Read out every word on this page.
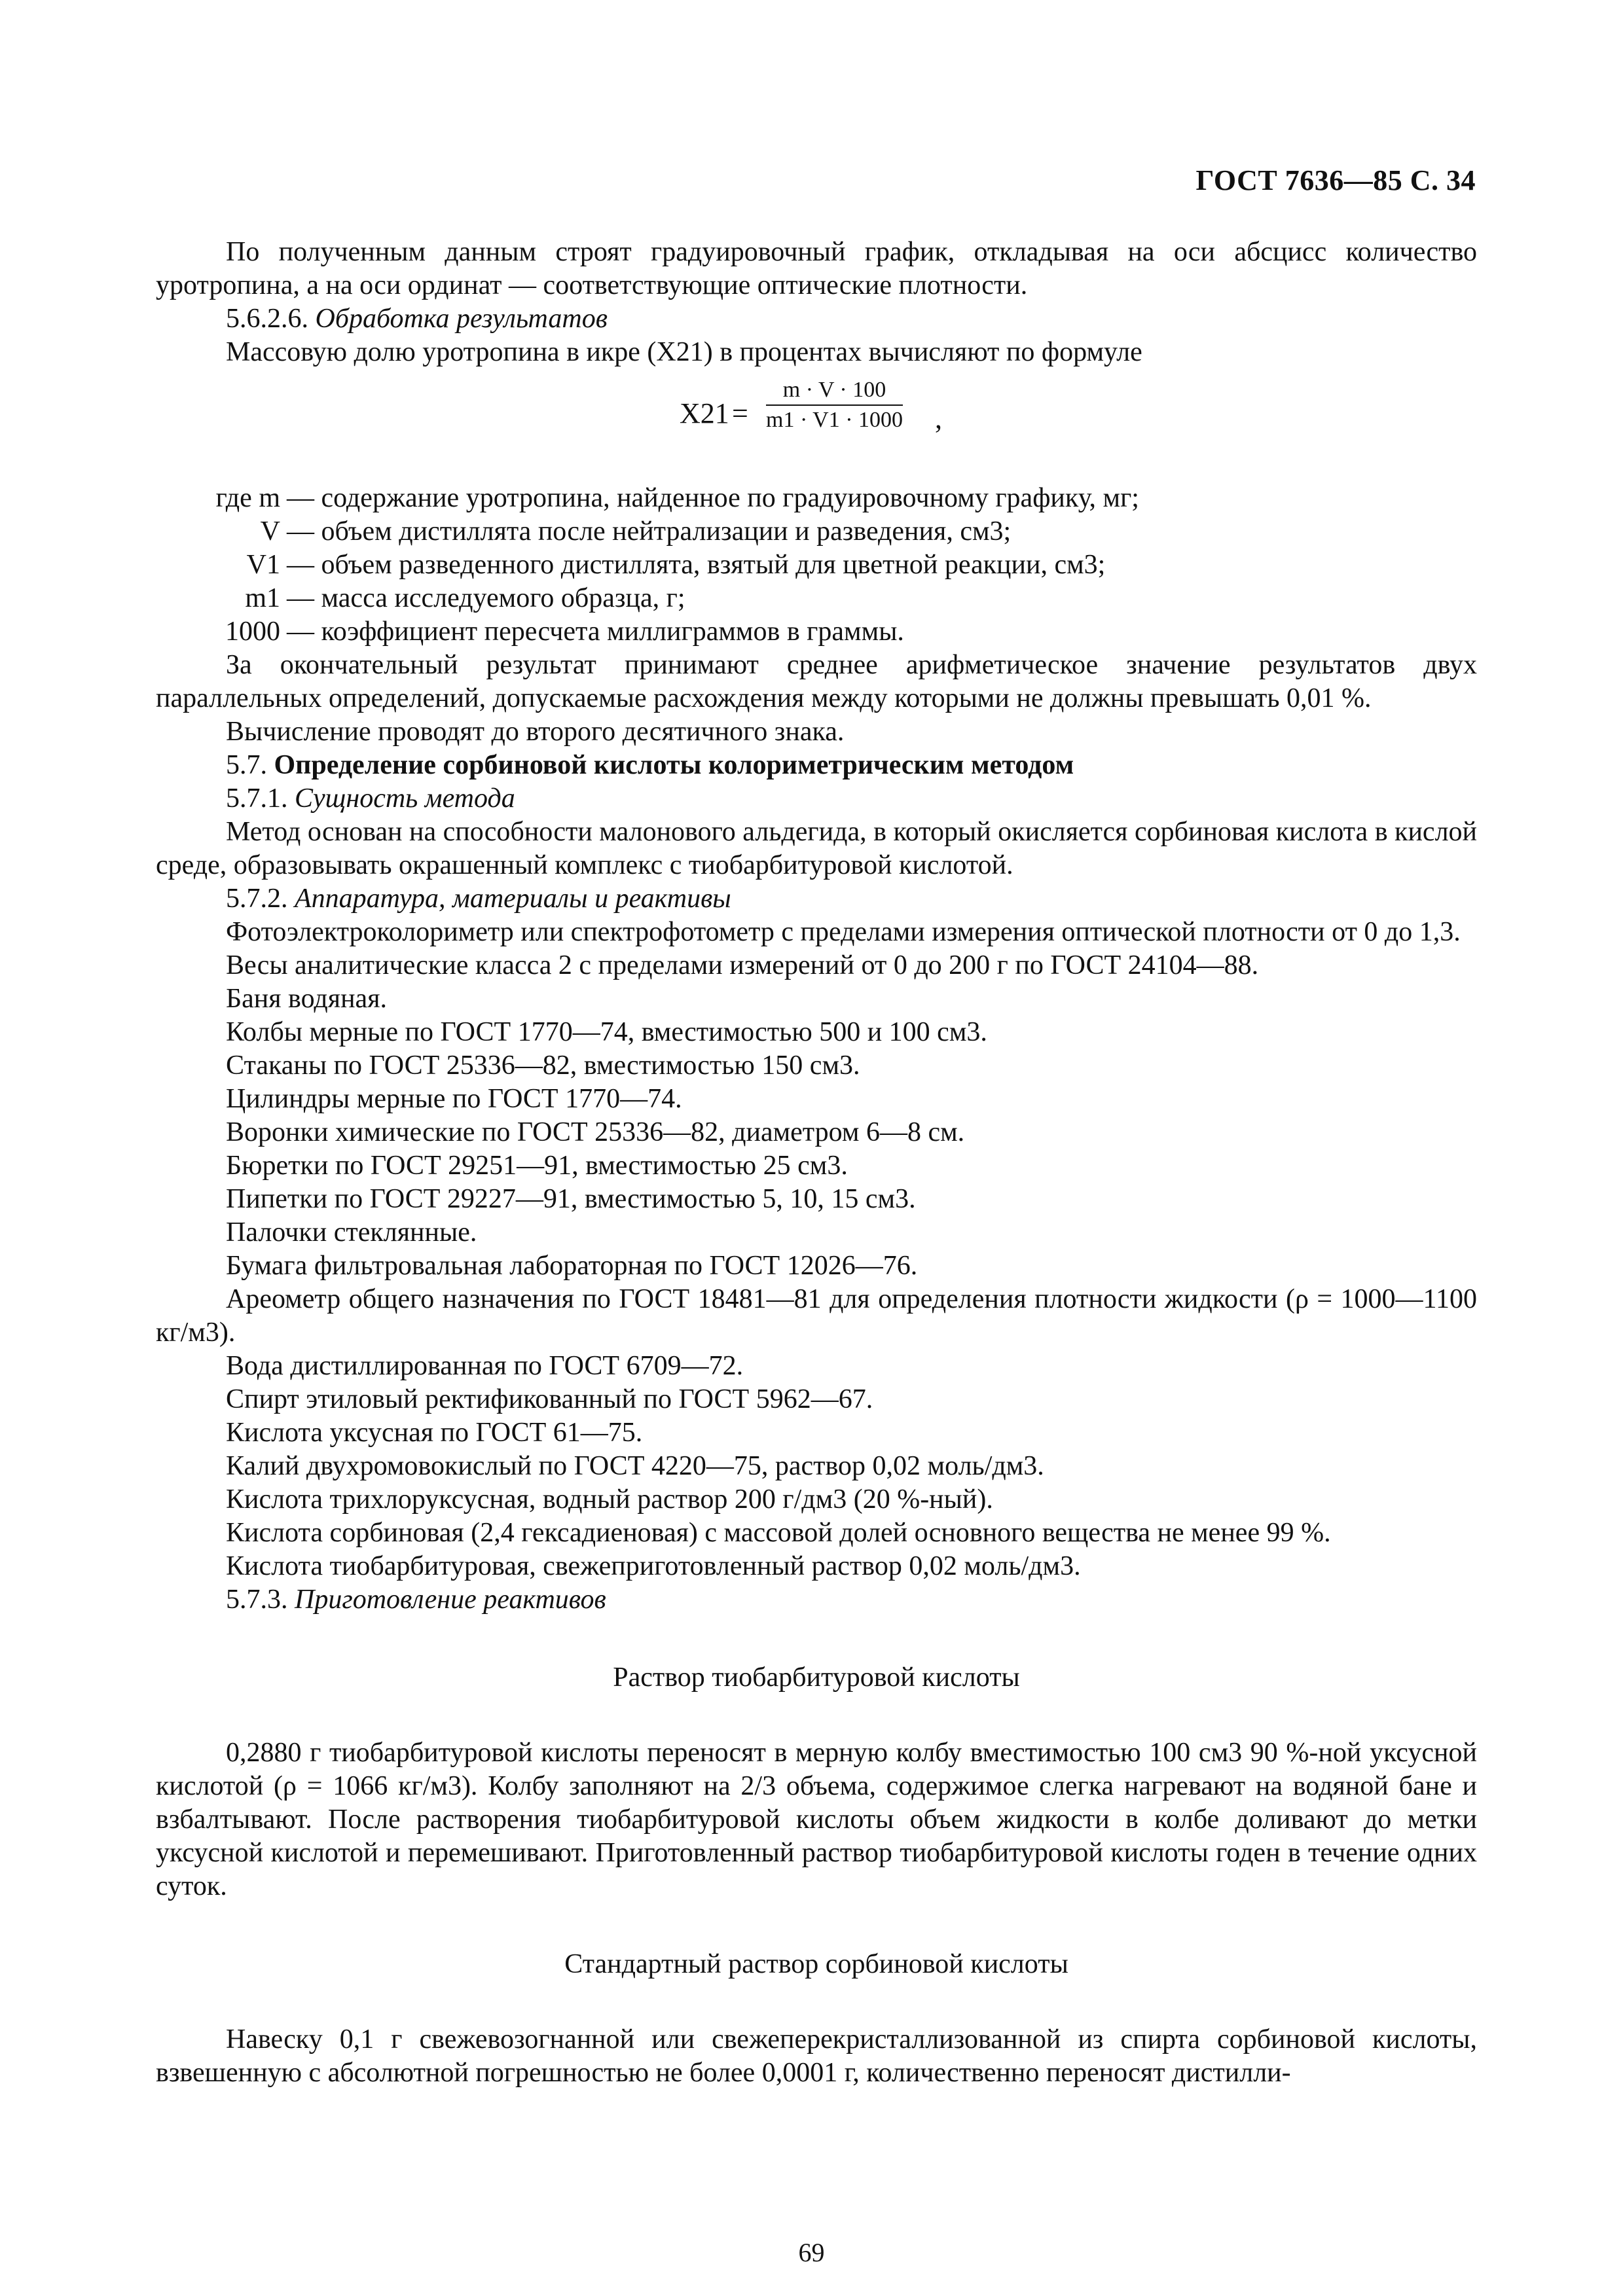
ГОСТ 7636—85 С. 34

По полученным данным строят градуировочный график, откладывая на оси абсцисс количество уротропина, а на оси ординат — соответствующие оптические плотности.

5.6.2.6. Обработка результатов

Массовую долю уротропина в икре (X21) в процентах вычисляют по формуле

$X21 = \frac{m \cdot V \cdot 100}{m1 \cdot V1 \cdot 1000}$ ,
где m — содержание уротропина, найденное по градуировочному графику, мг;
V — объем дистиллята после нейтрализации и разведения, см3;
V1 — объем разведенного дистиллята, взятый для цветной реакции, см3;
m1 — масса исследуемого образца, г;
1000 — коэффициент пересчета миллиграммов в граммы.

За окончательный результат принимают среднее арифметическое значение результатов двух параллельных определений, допускаемые расхождения между которыми не должны превышать 0,01 %.

Вычисление проводят до второго десятичного знака.

5.7. Определение сорбиновой кислоты колориметрическим методом

5.7.1. Сущность метода

Метод основан на способности малонового альдегида, в который окисляется сорбиновая кислота в кислой среде, образовывать окрашенный комплекс с тиобарбитуровой кислотой.

5.7.2. Аппаратура, материалы и реактивы

Фотоэлектроколориметр или спектрофотометр с пределами измерения оптической плотности от 0 до 1,3.

Весы аналитические класса 2 с пределами измерений от 0 до 200 г по ГОСТ 24104—88.

Баня водяная.

Колбы мерные по ГОСТ 1770—74, вместимостью 500 и 100 см3.

Стаканы по ГОСТ 25336—82, вместимостью 150 см3.

Цилиндры мерные по ГОСТ 1770—74.

Воронки химические по ГОСТ 25336—82, диаметром 6—8 см.

Бюретки по ГОСТ 29251—91, вместимостью 25 см3.

Пипетки по ГОСТ 29227—91, вместимостью 5, 10, 15 см3.

Палочки стеклянные.

Бумага фильтровальная лабораторная по ГОСТ 12026—76.

Ареометр общего назначения по ГОСТ 18481—81 для определения плотности жидкости (ρ = 1000—1100 кг/м3).

Вода дистиллированная по ГОСТ 6709—72.

Спирт этиловый ректификованный по ГОСТ 5962—67.

Кислота уксусная по ГОСТ 61—75.

Калий двухромовокислый по ГОСТ 4220—75, раствор 0,02 моль/дм3.

Кислота трихлоруксусная, водный раствор 200 г/дм3 (20 %-ный).

Кислота сорбиновая (2,4 гексадиеновая) с массовой долей основного вещества не менее 99 %.

Кислота тиобарбитуровая, свежеприготовленный раствор 0,02 моль/дм3.

5.7.3. Приготовление реактивов

Раствор тиобарбитуровой кислоты

0,2880 г тиобарбитуровой кислоты переносят в мерную колбу вместимостью 100 см3 90 %-ной уксусной кислотой (ρ = 1066 кг/м3). Колбу заполняют на 2/3 объема, содержимое слегка нагревают на водяной бане и взбалтывают. После растворения тиобарбитуровой кислоты объем жидкости в колбе доливают до метки уксусной кислотой и перемешивают. Приготовленный раствор тиобарбитуровой кислоты годен в течение одних суток.

Стандартный раствор сорбиновой кислоты

Навеску 0,1 г свежевозогнанной или свежеперекристаллизованной из спирта сорбиновой кислоты, взвешенную с абсолютной погрешностью не более 0,0001 г, количественно переносят дистилли-

69
